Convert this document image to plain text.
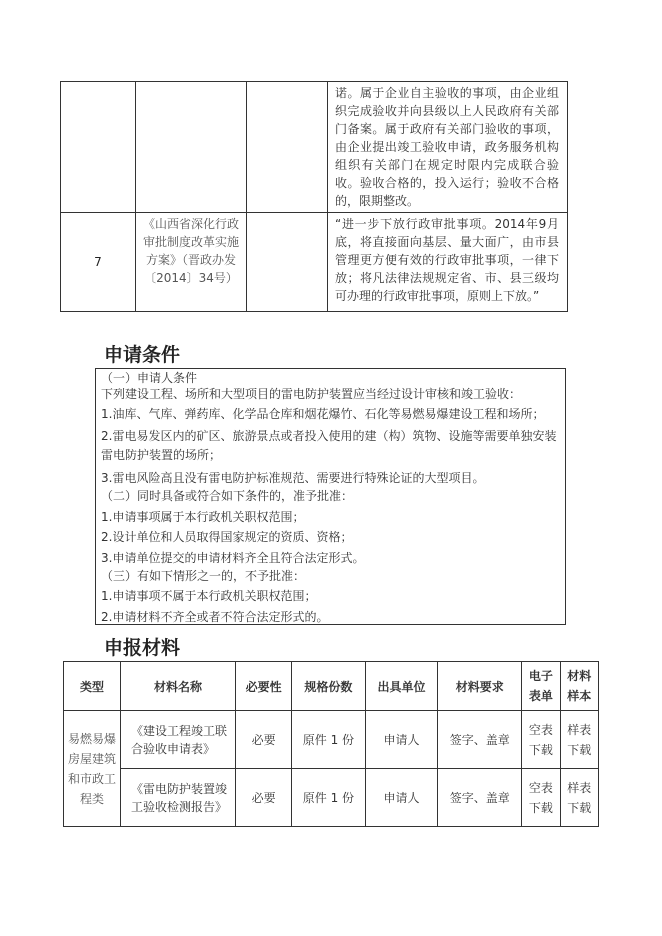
			诺。属于企业自主验收的事项，由企业组织完成验收并向县级以上人民政府有关部门备案。属于政府有关部门验收的事项，由企业提出竣工验收申请，政务服务机构组织有关部门在规定时限内完成联合验收。验收合格的，投入运行；验收不合格的，限期整改。

7	《山西省深化行政审批制度改革实施方案》（晋政办发〔2014〕34号）		“进一步下放行政审批事项。2014年9月底，将直接面向基层、量大面广，由市县管理更方便有效的行政审批事项，一律下放；将凡法律法规规定省、市、县三级均可办理的行政审批事项，原则上下放。”
申请条件
（一）申请人条件
下列建设工程、场所和大型项目的雷电防护装置应当经过设计审核和竣工验收：
1.油库、气库、弹药库、化学品仓库和烟花爆竹、石化等易燃易爆建设工程和场所；
2.雷电易发区内的矿区、旅游景点或者投入使用的建（构）筑物、设施等需要单独安装雷电防护装置的场所；
3.雷电风险高且没有雷电防护标准规范、需要进行特殊论证的大型项目。
（二）同时具备或符合如下条件的，准予批准：
1.申请事项属于本行政机关职权范围；
2.设计单位和人员取得国家规定的资质、资格；
3.申请单位提交的申请材料齐全且符合法定形式。
（三）有如下情形之一的，不予批准：
1.申请事项不属于本行政机关职权范围；
2.申请材料不齐全或者不符合法定形式的。
申报材料
类型	材料名称	必要性	规格份数	出具单位	材料要求	电子表单	材料样本
易燃易爆房屋建筑和市政工程类	《建设工程竣工联合验收申请表》	必要	原件 1 份	申请人	签字、盖章	空表下载	样表下载
	《雷电防护装置竣工验收检测报告》	必要	原件 1 份	申请人	签字、盖章	空表下载	样表下载
